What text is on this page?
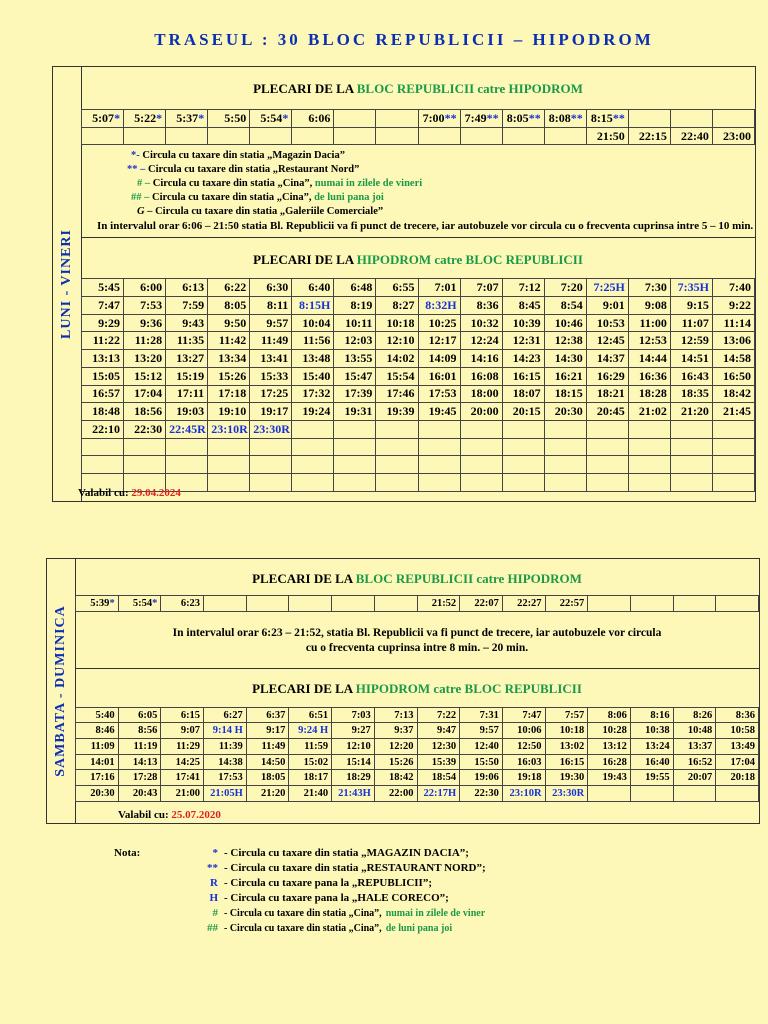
TRASEUL : 30 BLOC REPUBLICII – HIPODROM
LUNI - VINERI
PLECARI DE LA BLOC REPUBLICII catre HIPODROM
5:07*	5:22*	5:37*	5:50	5:54*	6:06			7:00**	7:49**	8:05**	8:08**	8:15**			
												21:50	22:15	22:40	23:00
*- Circula cu taxare din statia „Magazin Dacia”
** – Circula cu taxare din statia „Restaurant Nord”
# – Circula cu taxare din statia „Cina”, numai in zilele de vineri
## – Circula cu taxare din statia „Cina”, de luni pana joi
G – Circula cu taxare din statia „Galeriile Comerciale”
In intervalul orar 6:06 – 21:50 statia Bl. Republicii va fi punct de trecere, iar autobuzele vor circula cu o frecventa cuprinsa intre 5 – 10 min.
PLECARI DE LA HIPODROM catre BLOC REPUBLICII
5:45	6:00	6:13	6:22	6:30	6:40	6:48	6:55	7:01	7:07	7:12	7:20	7:25H	7:30	7:35H	7:40
7:47	7:53	7:59	8:05	8:11	8:15H	8:19	8:27	8:32H	8:36	8:45	8:54	9:01	9:08	9:15	9:22
9:29	9:36	9:43	9:50	9:57	10:04	10:11	10:18	10:25	10:32	10:39	10:46	10:53	11:00	11:07	11:14
11:22	11:28	11:35	11:42	11:49	11:56	12:03	12:10	12:17	12:24	12:31	12:38	12:45	12:53	12:59	13:06
13:13	13:20	13:27	13:34	13:41	13:48	13:55	14:02	14:09	14:16	14:23	14:30	14:37	14:44	14:51	14:58
15:05	15:12	15:19	15:26	15:33	15:40	15:47	15:54	16:01	16:08	16:15	16:21	16:29	16:36	16:43	16:50
16:57	17:04	17:11	17:18	17:25	17:32	17:39	17:46	17:53	18:00	18:07	18:15	18:21	18:28	18:35	18:42
18:48	18:56	19:03	19:10	19:17	19:24	19:31	19:39	19:45	20:00	20:15	20:30	20:45	21:02	21:20	21:45
22:10	22:30	22:45R	23:10R	23:30R											

Valabil cu: 29.04.2024
SAMBATA - DUMINICA
PLECARI DE LA BLOC REPUBLICII catre HIPODROM
5:39*	5:54*	6:23						21:52	22:07	22:27	22:57				
In intervalul orar 6:23 – 21:52, statia Bl. Republicii va fi punct de trecere, iar autobuzele vor circula
cu o frecventa cuprinsa intre 8 min. – 20 min.
PLECARI DE LA HIPODROM catre BLOC REPUBLICII
5:40	6:05	6:15	6:27	6:37	6:51	7:03	7:13	7:22	7:31	7:47	7:57	8:06	8:16	8:26	8:36
8:46	8:56	9:07	9:14 H	9:17	9:24 H	9:27	9:37	9:47	9:57	10:06	10:18	10:28	10:38	10:48	10:58
11:09	11:19	11:29	11:39	11:49	11:59	12:10	12:20	12:30	12:40	12:50	13:02	13:12	13:24	13:37	13:49
14:01	14:13	14:25	14:38	14:50	15:02	15:14	15:26	15:39	15:50	16:03	16:15	16:28	16:40	16:52	17:04
17:16	17:28	17:41	17:53	18:05	18:17	18:29	18:42	18:54	19:06	19:18	19:30	19:43	19:55	20:07	20:18
20:30	20:43	21:00	21:05H	21:20	21:40	21:43H	22:00	22:17H	22:30	23:10R	23:30R				
Valabil cu: 25.07.2020
Nota:	* - Circula cu taxare din statia „MAGAZIN DACIA”;
** - Circula cu taxare din statia „RESTAURANT NORD”;
R - Circula cu taxare pana la „REPUBLICII”;
H - Circula cu taxare pana la „HALE CORECO”;
# - Circula cu taxare din statia „Cina”, numai in zilele de viner
## - Circula cu taxare din statia „Cina”, de luni pana joi
